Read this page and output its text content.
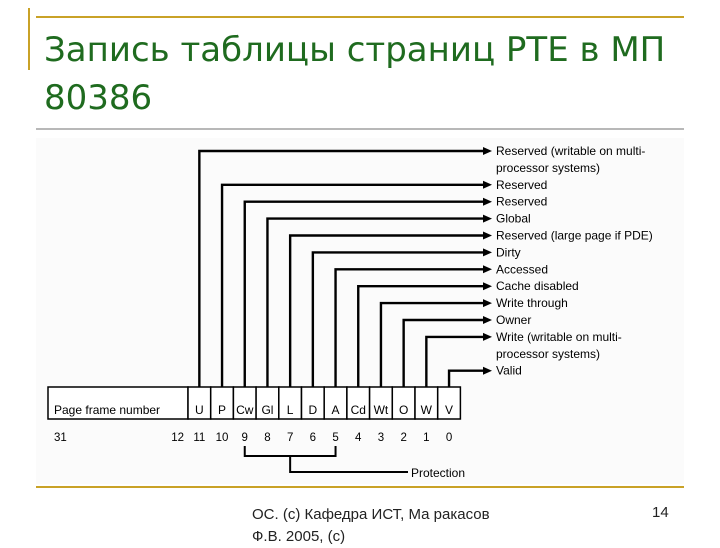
Запись таблицы страниц PTE в МП 80386
Page frame number	U P Cw Gl L D A Cd Wt O W V
31	12 11 10 9 8 7 6 5 4 3 2 1 0
Reserved (writable on multi-
processor systems)
Reserved
Reserved
Global
Reserved (large page if PDE)
Dirty
Accessed
Cache disabled
Write through
Owner
Write (writable on multi-
processor systems)
Valid
Protection
ОС. (c) Кафедра ИСТ, Ма ракасов Ф.В. 2005, (c)
14
